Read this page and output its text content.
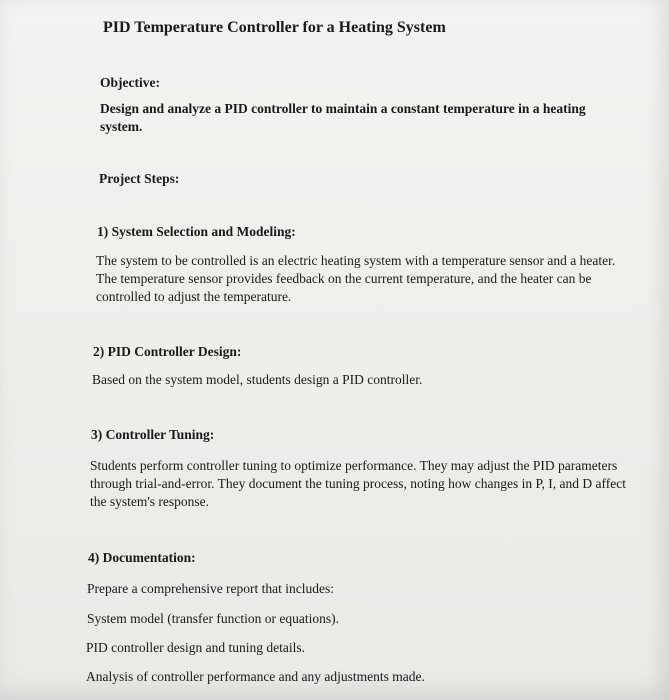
PID Temperature Controller for a Heating System
Objective:
Design and analyze a PID controller to maintain a constant temperature in a heating system.
Project Steps:
1) System Selection and Modeling:
The system to be controlled is an electric heating system with a temperature sensor and a heater. The temperature sensor provides feedback on the current temperature, and the heater can be controlled to adjust the temperature.
2) PID Controller Design:
Based on the system model, students design a PID controller.
3) Controller Tuning:
Students perform controller tuning to optimize performance. They may adjust the PID parameters through trial-and-error. They document the tuning process, noting how changes in P, I, and D affect the system's response.
4) Documentation:
Prepare a comprehensive report that includes:
System model (transfer function or equations).
PID controller design and tuning details.
Analysis of controller performance and any adjustments made.
